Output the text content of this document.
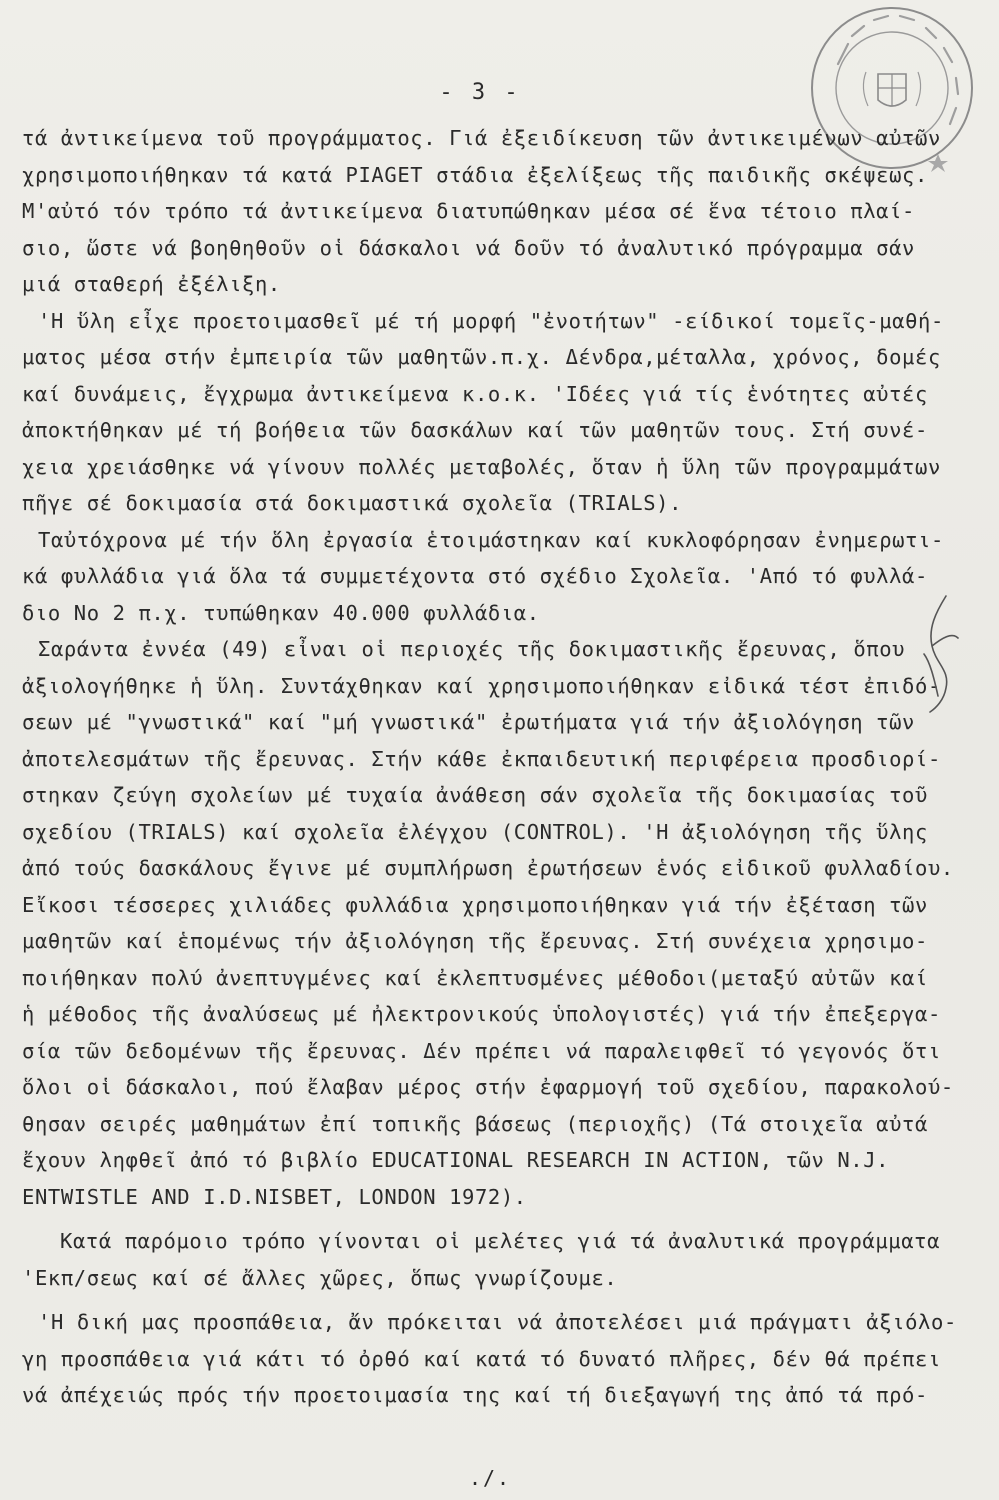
- 3 -
τά ἀντικείμενα τοῦ προγράμματος. Γιά ἐξειδίκευση τῶν ἀντικειμένων αὐτῶν
χρησιμοποιήθηκαν τά κατά PIAGET στάδια ἐξελίξεως τῆς παιδικῆς σκέψεως.
Μ'αὐτό τόν τρόπο τά ἀντικείμενα διατυπώθηκαν μέσα σέ ἕνα τέτοιο πλαί-
σιο, ὥστε νά βοηθηθοῦν οἱ δάσκαλοι νά δοῦν τό ἀναλυτικό πρόγραμμα σάν
μιά σταθερή ἐξέλιξη.
'Η ὕλη εἶχε προετοιμασθεῖ μέ τή μορφή "ἐνοτήτων" -είδικοί τομεῖς-μαθή-
ματος μέσα στήν ἐμπειρία τῶν μαθητῶν.π.χ. Δένδρα,μέταλλα, χρόνος, δομές
καί δυνάμεις, ἔγχρωμα ἀντικείμενα κ.ο.κ. 'Ιδέες γιά τίς ἑνότητες αὐτές
ἀποκτήθηκαν μέ τή βοήθεια τῶν δασκάλων καί τῶν μαθητῶν τους. Στή συνέ-
χεια χρειάσθηκε νά γίνουν πολλές μεταβολές, ὅταν ἡ ὕλη τῶν προγραμμάτων
πῆγε σέ δοκιμασία στά δοκιμαστικά σχολεῖα (TRIALS).
Ταὐτόχρονα μέ τήν ὅλη ἐργασία ἑτοιμάστηκαν καί κυκλοφόρησαν ἐνημερωτι-
κά φυλλάδια γιά ὅλα τά συμμετέχοντα στό σχέδιο Σχολεῖα. 'Από τό φυλλά-
διο Νο 2 π.χ. τυπώθηκαν 40.000 φυλλάδια.
Σαράντα ἐννέα (49) εἶναι οἱ περιοχές τῆς δοκιμαστικῆς ἔρευνας, ὅπου
ἀξιολογήθηκε ἡ ὕλη. Συντάχθηκαν καί χρησιμοποιήθηκαν εἰδικά τέστ ἐπιδό-
σεων μέ "γνωστικά" καί "μή γνωστικά" ἐρωτήματα γιά τήν ἀξιολόγηση τῶν
ἀποτελεσμάτων τῆς ἔρευνας. Στήν κάθε ἐκπαιδευτική περιφέρεια προσδιορί-
στηκαν ζεύγη σχολείων μέ τυχαία ἀνάθεση σάν σχολεῖα τῆς δοκιμασίας τοῦ
σχεδίου (TRIALS) καί σχολεῖα ἐλέγχου (CONTROL). 'Η ἀξιολόγηση τῆς ὕλης
ἀπό τούς δασκάλους ἔγινε μέ συμπλήρωση ἐρωτήσεων ἑνός εἰδικοῦ φυλλαδίου.
Εἴκοσι τέσσερες χιλιάδες φυλλάδια χρησιμοποιήθηκαν γιά τήν ἐξέταση τῶν
μαθητῶν καί ἑπομένως τήν ἀξιολόγηση τῆς ἔρευνας. Στή συνέχεια χρησιμο-
ποιήθηκαν πολύ ἀνεπτυγμένες καί ἐκλεπτυσμένες μέθοδοι(μεταξύ αὐτῶν καί
ἡ μέθοδος τῆς ἀναλύσεως μέ ἠλεκτρονικούς ὑπολογιστές) γιά τήν ἐπεξεργα-
σία τῶν δεδομένων τῆς ἔρευνας. Δέν πρέπει νά παραλειφθεῖ τό γεγονός ὅτι
ὅλοι οἱ δάσκαλοι, πού ἔλαβαν μέρος στήν ἐφαρμογή τοῦ σχεδίου, παρακολού-
θησαν σειρές μαθημάτων ἐπί τοπικῆς βάσεως (περιοχῆς) (Τά στοιχεῖα αὐτά
ἔχουν ληφθεῖ ἀπό τό βιβλίο EDUCATIONAL RESEARCH IN ACTION, τῶν N.J.
ENTWISTLE AND I.D.NISBET, LONDON 1972).
Κατά παρόμοιο τρόπο γίνονται οἱ μελέτες γιά τά ἀναλυτικά προγράμματα
'Εκπ/σεως καί σέ ἄλλες χῶρες, ὅπως γνωρίζουμε.
'Η δική μας προσπάθεια, ἄν πρόκειται νά ἀποτελέσει μιά πράγματι ἀξιόλο-
γη προσπάθεια γιά κάτι τό ὀρθό καί κατά τό δυνατό πλῆρες, δέν θά πρέπει
νά ἀπέχειώς πρός τήν προετοιμασία της καί τή διεξαγωγή της ἀπό τά πρό-
./.
